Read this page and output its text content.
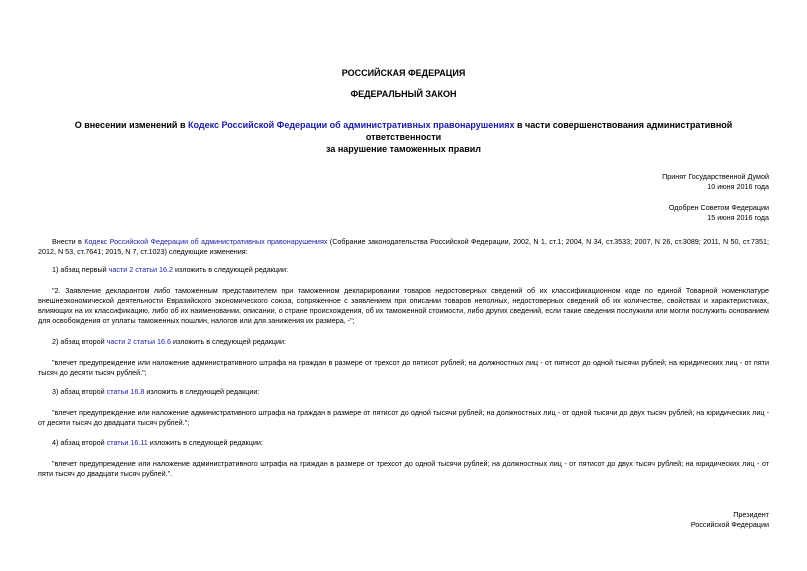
РОССИЙСКАЯ ФЕДЕРАЦИЯ
ФЕДЕРАЛЬНЫЙ ЗАКОН
О внесении изменений в Кодекс Российской Федерации об административных правонарушениях в части совершенствования административной ответственности
за нарушение таможенных правил
Принят Государственной Думой
10 июня 2016 года
Одобрен Советом Федерации
15 июня 2016 года
Внести в Кодекс Российской Федерации об административных правонарушениях (Собрание законодательства Российской Федерации, 2002, N 1, ст.1; 2004, N 34, ст.3533; 2007, N 26, ст.3089; 2011, N 50, ст.7351; 2012, N 53, ст.7641; 2015, N 7, ст.1023) следующие изменения:
1) абзац первый части 2 статьи 16.2 изложить в следующей редакции:
"2. Заявление декларантом либо таможенным представителем при таможенном декларировании товаров недостоверных сведений об их классификационном коде по единой Товарной номенклатуре внешнеэкономической деятельности Евразийского экономического союза, сопряженное с заявлением при описании товаров неполных, недостоверных сведений об их количестве, свойствах и характеристиках, влияющих на их классификацию, либо об их наименовании, описании, о стране происхождения, об их таможенной стоимости, либо других сведений, если такие сведения послужили или могли послужить основанием для освобождения от уплаты таможенных пошлин, налогов или для занижения их размера, -";
2) абзац второй части 2 статьи 16.6 изложить в следующей редакции:
"влечет предупреждение или наложение административного штрафа на граждан в размере от трехсот до пятисот рублей; на должностных лиц - от пятисот до одной тысячи рублей; на юридических лиц - от пяти тысяч до десяти тысяч рублей.";
3) абзац второй статьи 16.8 изложить в следующей редакции:
"влечет предупреждение или наложение административного штрафа на граждан в размере от пятисот до одной тысячи рублей; на должностных лиц - от одной тысячи до двух тысяч рублей; на юридических лиц - от десяти тысяч до двадцати тысяч рублей.";
4) абзац второй статьи 16.11 изложить в следующей редакции:
"влечет предупреждение или наложение административного штрафа на граждан в размере от трехсот до одной тысячи рублей; на должностных лиц - от пятисот до двух тысяч рублей; на юридических лиц - от пяти тысяч до двадцати тысяч рублей.".
Президент
Российской Федерации
